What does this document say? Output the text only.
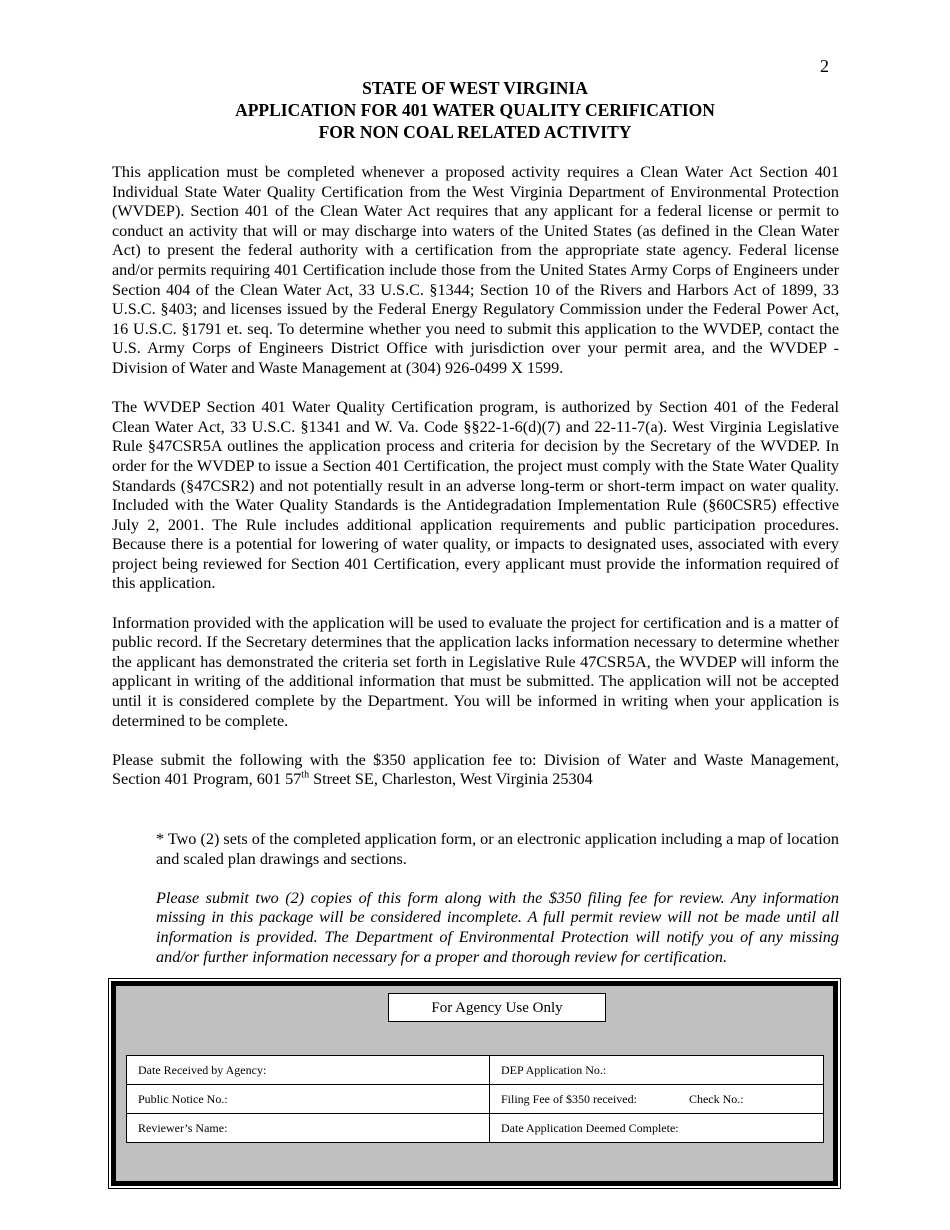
2
STATE OF WEST VIRGINIA
APPLICATION FOR 401 WATER QUALITY CERIFICATION
FOR NON COAL RELATED ACTIVITY

This application must be completed whenever a proposed activity requires a Clean Water Act Section 401 Individual State Water Quality Certification from the West Virginia Department of Environmental Protection (WVDEP). Section 401 of the Clean Water Act requires that any applicant for a federal license or permit to conduct an activity that will or may discharge into waters of the United States (as defined in the Clean Water Act) to present the federal authority with a certification from the appropriate state agency. Federal license and/or permits requiring 401 Certification include those from the United States Army Corps of Engineers under Section 404 of the Clean Water Act, 33 U.S.C. §1344; Section 10 of the Rivers and Harbors Act of 1899, 33 U.S.C. §403; and licenses issued by the Federal Energy Regulatory Commission under the Federal Power Act, 16 U.S.C. §1791 et. seq. To determine whether you need to submit this application to the WVDEP, contact the U.S. Army Corps of Engineers District Office with jurisdiction over your permit area, and the WVDEP - Division of Water and Waste Management at (304) 926-0499 X 1599.

The WVDEP Section 401 Water Quality Certification program, is authorized by Section 401 of the Federal Clean Water Act, 33 U.S.C. §1341 and W. Va. Code §§22-1-6(d)(7) and 22-11-7(a). West Virginia Legislative Rule §47CSR5A outlines the application process and criteria for decision by the Secretary of the WVDEP. In order for the WVDEP to issue a Section 401 Certification, the project must comply with the State Water Quality Standards (§47CSR2) and not potentially result in an adverse long-term or short-term impact on water quality. Included with the Water Quality Standards is the Antidegradation Implementation Rule (§60CSR5) effective July 2, 2001. The Rule includes additional application requirements and public participation procedures. Because there is a potential for lowering of water quality, or impacts to designated uses, associated with every project being reviewed for Section 401 Certification, every applicant must provide the information required of this application.

Information provided with the application will be used to evaluate the project for certification and is a matter of public record. If the Secretary determines that the application lacks information necessary to determine whether the applicant has demonstrated the criteria set forth in Legislative Rule 47CSR5A, the WVDEP will inform the applicant in writing of the additional information that must be submitted. The application will not be accepted until it is considered complete by the Department. You will be informed in writing when your application is determined to be complete.

Please submit the following with the $350 application fee to: Division of Water and Waste Management, Section 401 Program, 601 57th Street SE, Charleston, West Virginia 25304

* Two (2) sets of the completed application form, or an electronic application including a map of location and scaled plan drawings and sections.

Please submit two (2) copies of this form along with the $350 filing fee for review. Any information missing in this package will be considered incomplete. A full permit review will not be made until all information is provided. The Department of Environmental Protection will notify you of any missing and/or further information necessary for a proper and thorough review for certification.

For Agency Use Only
Date Received by Agency:	DEP Application No.:
Public Notice No.:	Filing Fee of $350 received: Check No.:
Reviewer’s Name:	Date Application Deemed Complete:
